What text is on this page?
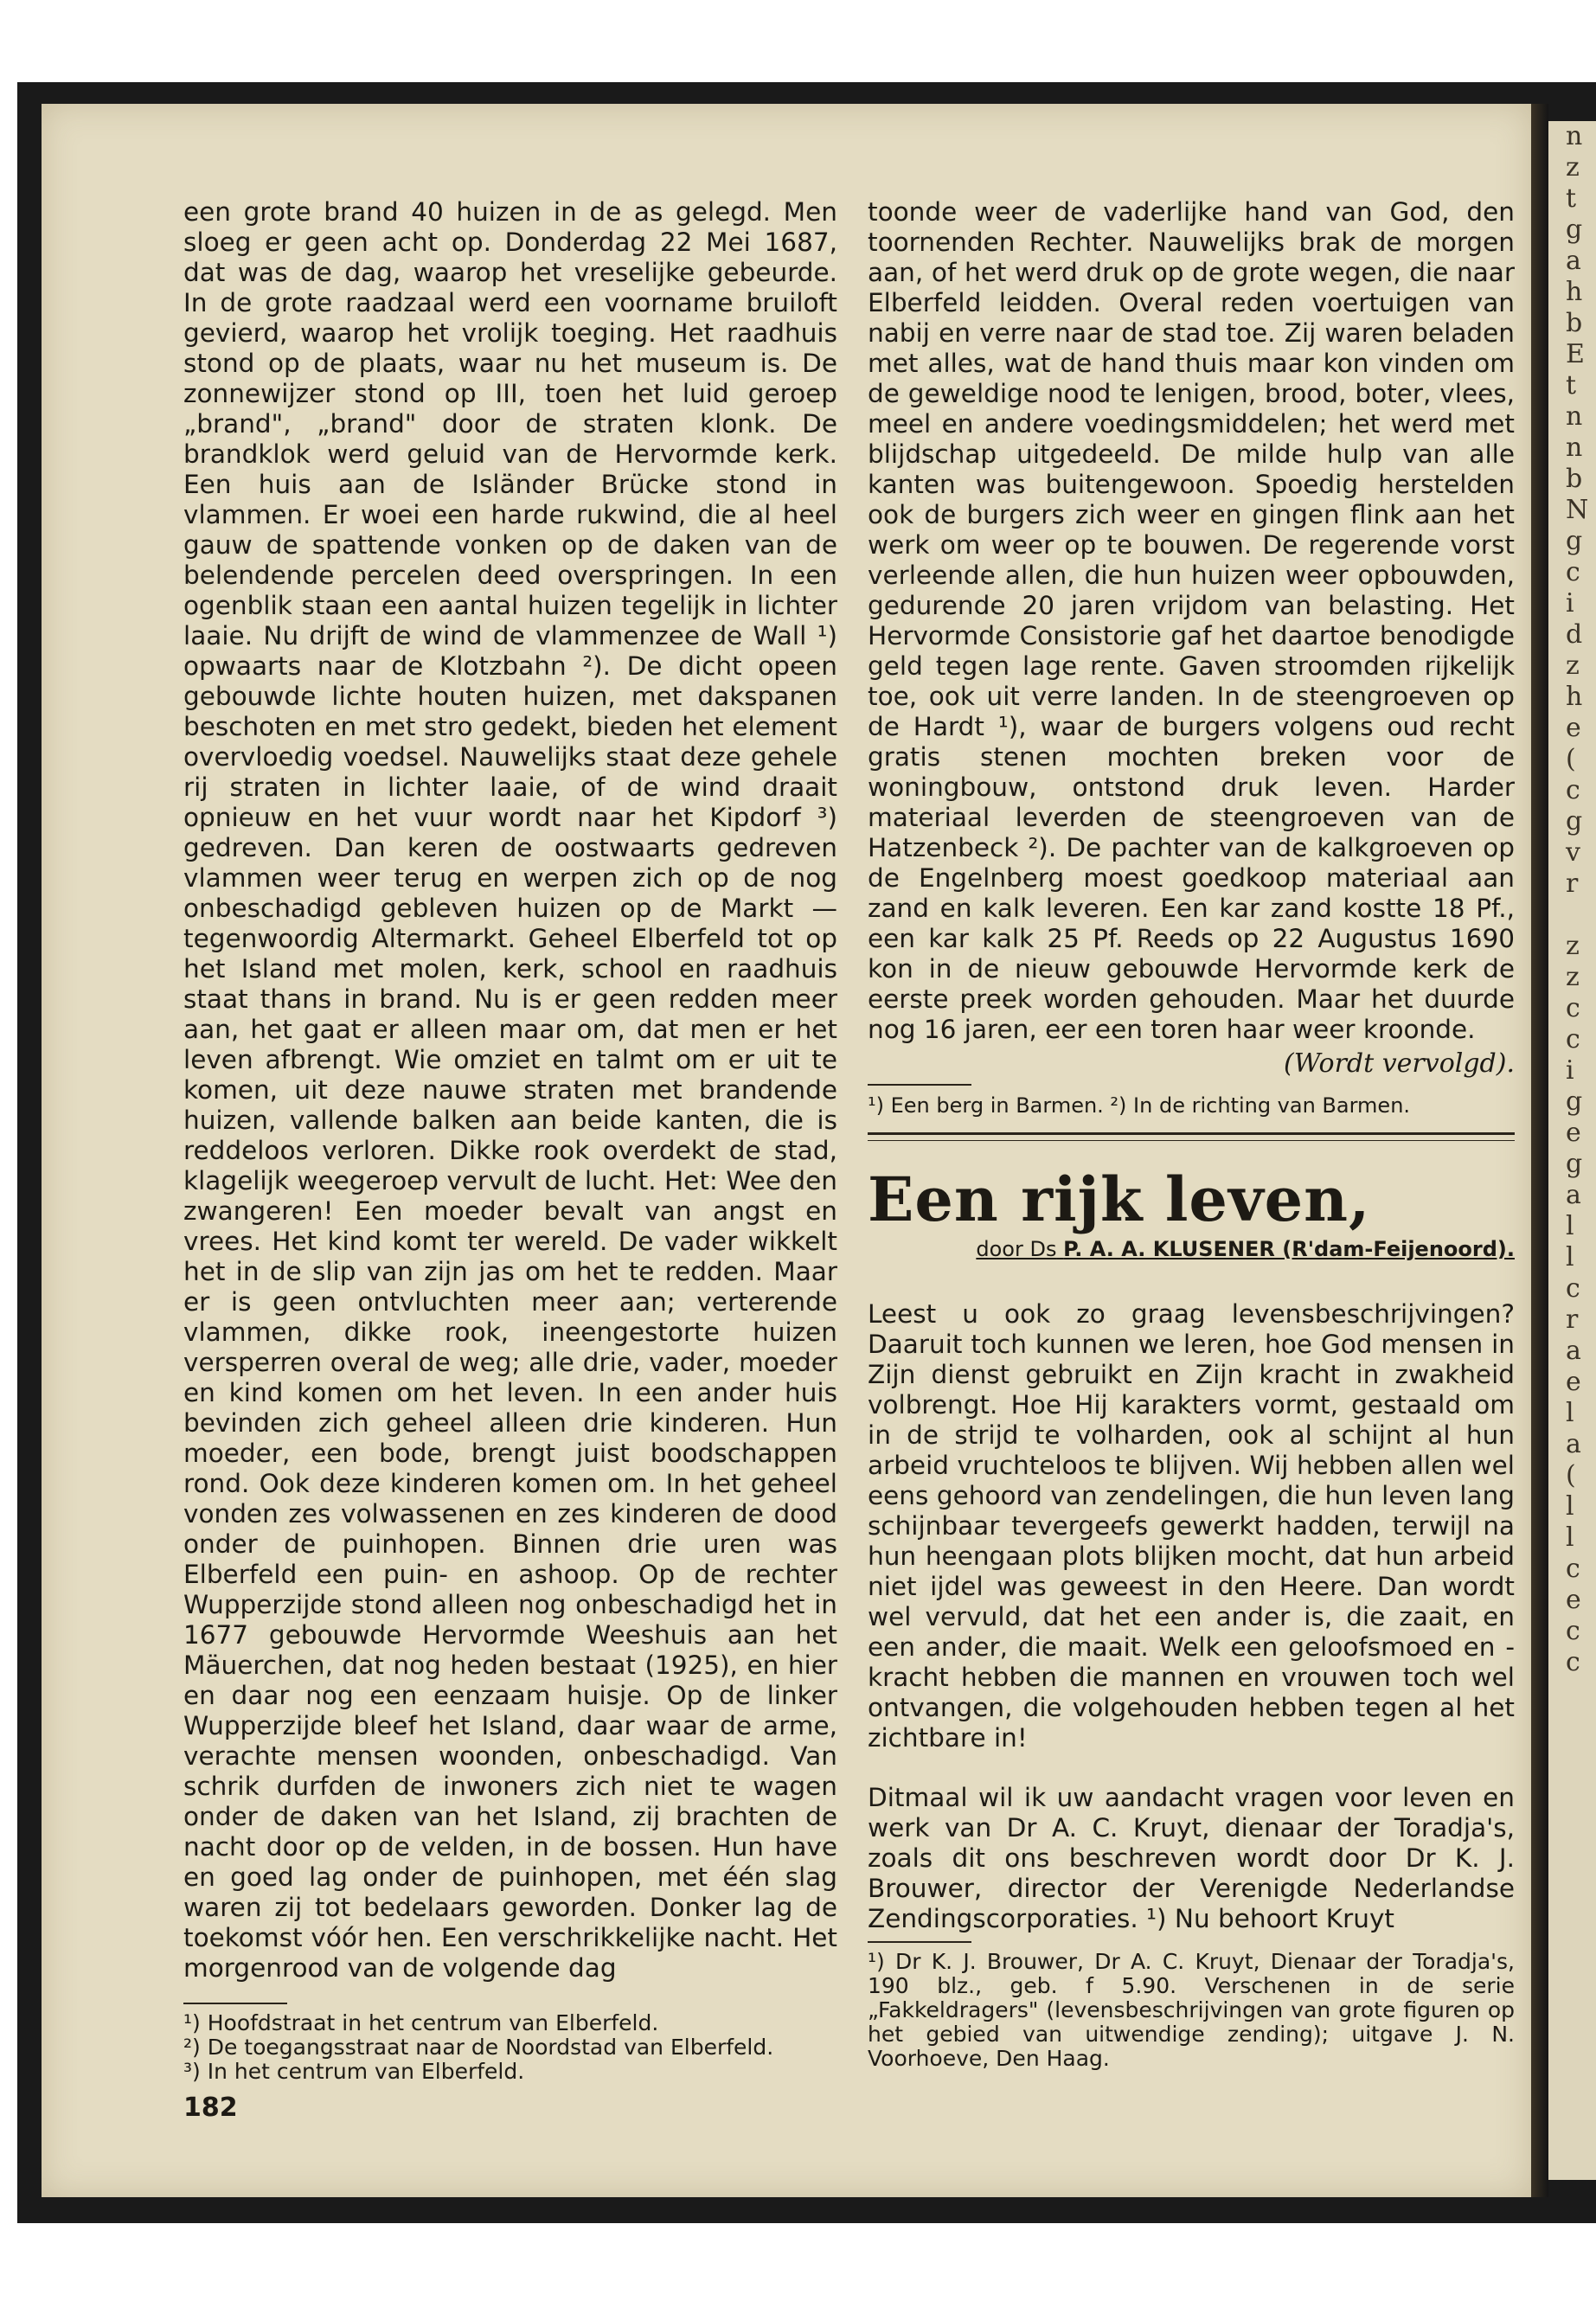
n
z
t
g
a
h
b
E
t
n
n
b
N
g
c
i
d
z
h
e
(
c
g
v
r

z
z
c
c
i
g
e
g
a
l
l
c
r
a
e
l
a
(
l
l
c
e
c
c

een grote brand 40 huizen in de as gelegd. Men sloeg er geen acht op. Donderdag 22 Mei 1687, dat was de dag, waarop het vreselijke gebeurde. In de grote raadzaal werd een voorname bruiloft gevierd, waarop het vrolijk toeging. Het raadhuis stond op de plaats, waar nu het museum is. De zonnewijzer stond op III, toen het luid geroep „brand", „brand" door de straten klonk. De brandklok werd geluid van de Hervormde kerk. Een huis aan de Isländer Brücke stond in vlammen. Er woei een harde rukwind, die al heel gauw de spattende vonken op de daken van de belendende percelen deed overspringen. In een ogenblik staan een aantal huizen tegelijk in lichter laaie. Nu drijft de wind de vlammenzee de Wall ¹) opwaarts naar de Klotzbahn ²). De dicht opeen gebouwde lichte houten huizen, met dakspanen beschoten en met stro gedekt, bieden het element overvloedig voedsel. Nauwelijks staat deze gehele rij straten in lichter laaie, of de wind draait opnieuw en het vuur wordt naar het Kipdorf ³) gedreven. Dan keren de oostwaarts gedreven vlammen weer terug en werpen zich op de nog onbeschadigd gebleven huizen op de Markt — tegenwoordig Altermarkt. Geheel Elberfeld tot op het Island met molen, kerk, school en raadhuis staat thans in brand. Nu is er geen redden meer aan, het gaat er alleen maar om, dat men er het leven afbrengt. Wie omziet en talmt om er uit te komen, uit deze nauwe straten met brandende huizen, vallende balken aan beide kanten, die is reddeloos verloren. Dikke rook overdekt de stad, klagelijk weegeroep vervult de lucht. Het: Wee den zwangeren! Een moeder bevalt van angst en vrees. Het kind komt ter wereld. De vader wikkelt het in de slip van zijn jas om het te redden. Maar er is geen ontvluchten meer aan; verterende vlammen, dikke rook, ineengestorte huizen versperren overal de weg; alle drie, vader, moeder en kind komen om het leven. In een ander huis bevinden zich geheel alleen drie kinderen. Hun moeder, een bode, brengt juist boodschappen rond. Ook deze kinderen komen om. In het geheel vonden zes volwassenen en zes kinderen de dood onder de puinhopen. Binnen drie uren was Elberfeld een puin- en ashoop. Op de rechter Wupperzijde stond alleen nog onbeschadigd het in 1677 gebouwde Hervormde Weeshuis aan het Mäuerchen, dat nog heden bestaat (1925), en hier en daar nog een eenzaam huisje. Op de linker Wupperzijde bleef het Island, daar waar de arme, verachte mensen woonden, onbeschadigd. Van schrik durfden de inwoners zich niet te wagen onder de daken van het Island, zij brachten de nacht door op de velden, in de bossen. Hun have en goed lag onder de puinhopen, met één slag waren zij tot bedelaars geworden. Donker lag de toekomst vóór hen. Een verschrikkelijke nacht. Het morgenrood van de volgende dag

¹) Hoofdstraat in het centrum van Elberfeld.
²) De toegangsstraat naar de Noordstad van Elberfeld.
³) In het centrum van Elberfeld.
182

toonde weer de vaderlijke hand van God, den toornenden Rechter. Nauwelijks brak de morgen aan, of het werd druk op de grote wegen, die naar Elberfeld leidden. Overal reden voertuigen van nabij en verre naar de stad toe. Zij waren beladen met alles, wat de hand thuis maar kon vinden om de geweldige nood te lenigen, brood, boter, vlees, meel en andere voedingsmiddelen; het werd met blijdschap uitgedeeld. De milde hulp van alle kanten was buitengewoon. Spoedig herstelden ook de burgers zich weer en gingen flink aan het werk om weer op te bouwen. De regerende vorst verleende allen, die hun huizen weer opbouwden, gedurende 20 jaren vrijdom van belasting. Het Hervormde Consistorie gaf het daartoe benodigde geld tegen lage rente. Gaven stroomden rijkelijk toe, ook uit verre landen. In de steengroeven op de Hardt ¹), waar de burgers volgens oud recht gratis stenen mochten breken voor de woningbouw, ontstond druk leven. Harder materiaal leverden de steengroeven van de Hatzenbeck ²). De pachter van de kalkgroeven op de Engelnberg moest goedkoop materiaal aan zand en kalk leveren. Een kar zand kostte 18 Pf., een kar kalk 25 Pf. Reeds op 22 Augustus 1690 kon in de nieuw gebouwde Hervormde kerk de eerste preek worden gehouden. Maar het duurde nog 16 jaren, eer een toren haar weer kroonde.

(Wordt vervolgd).
¹) Een berg in Barmen. ²) In de richting van Barmen.
Een rijk leven,
door Ds P. A. A. KLUSENER (R'dam-Feijenoord).

Leest u ook zo graag levensbeschrijvingen? Daaruit toch kunnen we leren, hoe God mensen in Zijn dienst gebruikt en Zijn kracht in zwakheid volbrengt. Hoe Hij karakters vormt, gestaald om in de strijd te volharden, ook al schijnt al hun arbeid vruchteloos te blijven. Wij hebben allen wel eens gehoord van zendelingen, die hun leven lang schijnbaar tevergeefs gewerkt hadden, terwijl na hun heengaan plots blijken mocht, dat hun arbeid niet ijdel was geweest in den Heere. Dan wordt wel vervuld, dat het een ander is, die zaait, en een ander, die maait. Welk een geloofsmoed en -kracht hebben die mannen en vrouwen toch wel ontvangen, die volgehouden hebben tegen al het zichtbare in!

Ditmaal wil ik uw aandacht vragen voor leven en werk van Dr A. C. Kruyt, dienaar der Toradja's, zoals dit ons beschreven wordt door Dr K. J. Brouwer, director der Verenigde Nederlandse Zendingscorporaties. ¹) Nu behoort Kruyt

¹) Dr K. J. Brouwer, Dr A. C. Kruyt, Dienaar der Toradja's, 190 blz., geb. f 5.90. Verschenen in de serie „Fakkeldragers" (levensbeschrijvingen van grote figuren op het gebied van uitwendige zending); uitgave J. N. Voorhoeve, Den Haag.
